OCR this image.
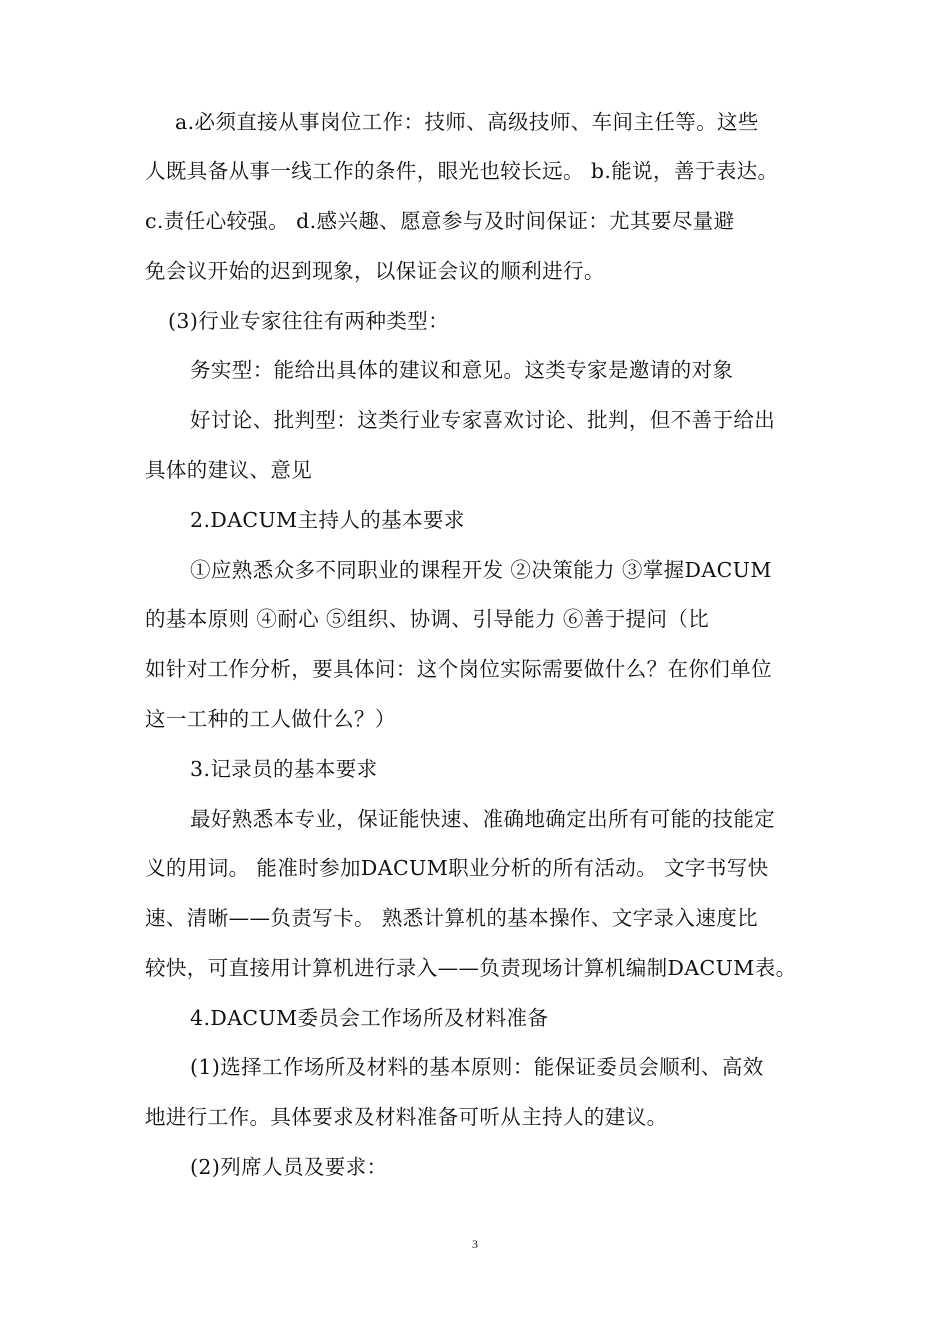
a.必须直接从事岗位工作：技师、高级技师、车间主任等。这些
人既具备从事一线工作的条件，眼光也较长远。 b.能说，善于表达。
c.责任心较强。 d.感兴趣、愿意参与及时间保证：尤其要尽量避
免会议开始的迟到现象，以保证会议的顺利进行。
(3)行业专家往往有两种类型：
务实型：能给出具体的建议和意见。这类专家是邀请的对象
好讨论、批判型：这类行业专家喜欢讨论、批判，但不善于给出
具体的建议、意见
2.DACUM主持人的基本要求
①应熟悉众多不同职业的课程开发 ②决策能力 ③掌握DACUM
的基本原则 ④耐心 ⑤组织、协调、引导能力 ⑥善于提问（比
如针对工作分析，要具体问：这个岗位实际需要做什么？在你们单位
这一工种的工人做什么？）
3.记录员的基本要求
最好熟悉本专业，保证能快速、准确地确定出所有可能的技能定
义的用词。 能准时参加DACUM职业分析的所有活动。 文字书写快
速、清晰——负责写卡。 熟悉计算机的基本操作、文字录入速度比
较快，可直接用计算机进行录入——负责现场计算机编制DACUM表。
4.DACUM委员会工作场所及材料准备
(1)选择工作场所及材料的基本原则：能保证委员会顺利、高效
地进行工作。具体要求及材料准备可听从主持人的建议。
(2)列席人员及要求：
3
